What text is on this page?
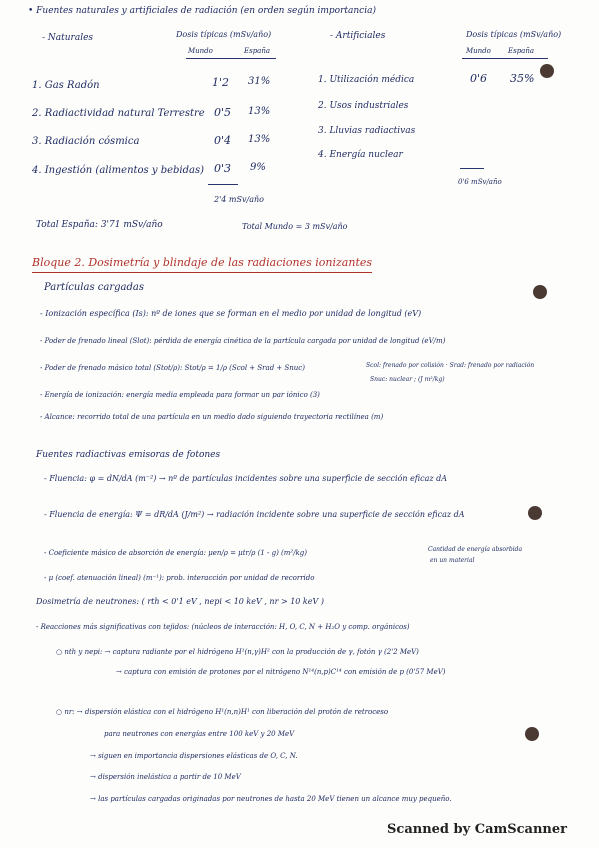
• Fuentes naturales y artificiales de radiación (en orden según importancia)
- Naturales	Dosis típicas (mSv/año)
Mundo	España
- Artificiales	Dosis típicas (mSv/año)
Mundo España
1. Gas Radón	1'2 31%
2. Radiactividad natural Terrestre 0'5 13%
3. Radiación cósmica	0'4 13%
4. Ingestión (alimentos y bebidas) 0'3 9%
2'4 mSv/año
1. Utilización médica	0'6 35%
2. Usos industriales
3. Lluvias radiactivas
4. Energía nuclear
0'6 mSv/año
Total España: 3'71 mSv/año	Total Mundo = 3 mSv/año
Bloque 2. Dosimetría y blindaje de las radiaciones ionizantes
Partículas cargadas
- Ionización específica (Is): nº de iones que se forman en el medio por unidad de longitud (eV)
- Poder de frenado lineal (Slot): pérdida de energía cinética de la partícula cargada por unidad de longitud (eV/m)
- Poder de frenado másico total (Stot/ρ): Stot/ρ = 1/ρ (Scol + Srad + Snuc)	Scol: frenado por colisión · Srad: frenado por radiación
Snuc: nuclear ; (J m²/kg)
- Energía de ionización: energía media empleada para formar un par iónico (3)
- Alcance: recorrido total de una partícula en un medio dado siguiendo trayectoria rectilínea (m)
Fuentes radiactivas emisoras de fotones
- Fluencia: φ = dN/dA (m⁻²) → nº de partículas incidentes sobre una superficie de sección eficaz dA
- Fluencia de energía: Ψ = dR/dA (J/m²) → radiación incidente sobre una superficie de sección eficaz dA
- Coeficiente másico de absorción de energía: μen/ρ = μtr/ρ (1 - g) (m²/kg)	Cantidad de energía absorbida
en un material
- μ (coef. atenuación lineal) (m⁻¹): prob. interacción por unidad de recorrido
Dosimetría de neutrones: ( rth < 0'1 eV , nepi < 10 keV , nr > 10 keV )
- Reacciones más significativas con tejidos: (núcleos de interacción: H, O, C, N + H₂O y comp. orgánicos)
○ nth y nepi: → captura radiante por el hidrógeno H¹(n,γ)H² con la producción de γ, fotón γ (2'2 MeV)
→ captura con emisión de protones por el nitrógeno N¹⁴(n,p)C¹⁴ con emisión de p (0'57 MeV)
○ nr: → dispersión elástica con el hidrógeno H¹(n,n)H¹ con liberación del protón de retroceso
para neutrones con energías entre 100 keV y 20 MeV
→ siguen en importancia dispersiones elásticas de O, C, N.
→ dispersión inelástica a partir de 10 MeV
→ las partículas cargadas originadas por neutrones de hasta 20 MeV tienen un alcance muy pequeño.
Scanned by CamScanner
